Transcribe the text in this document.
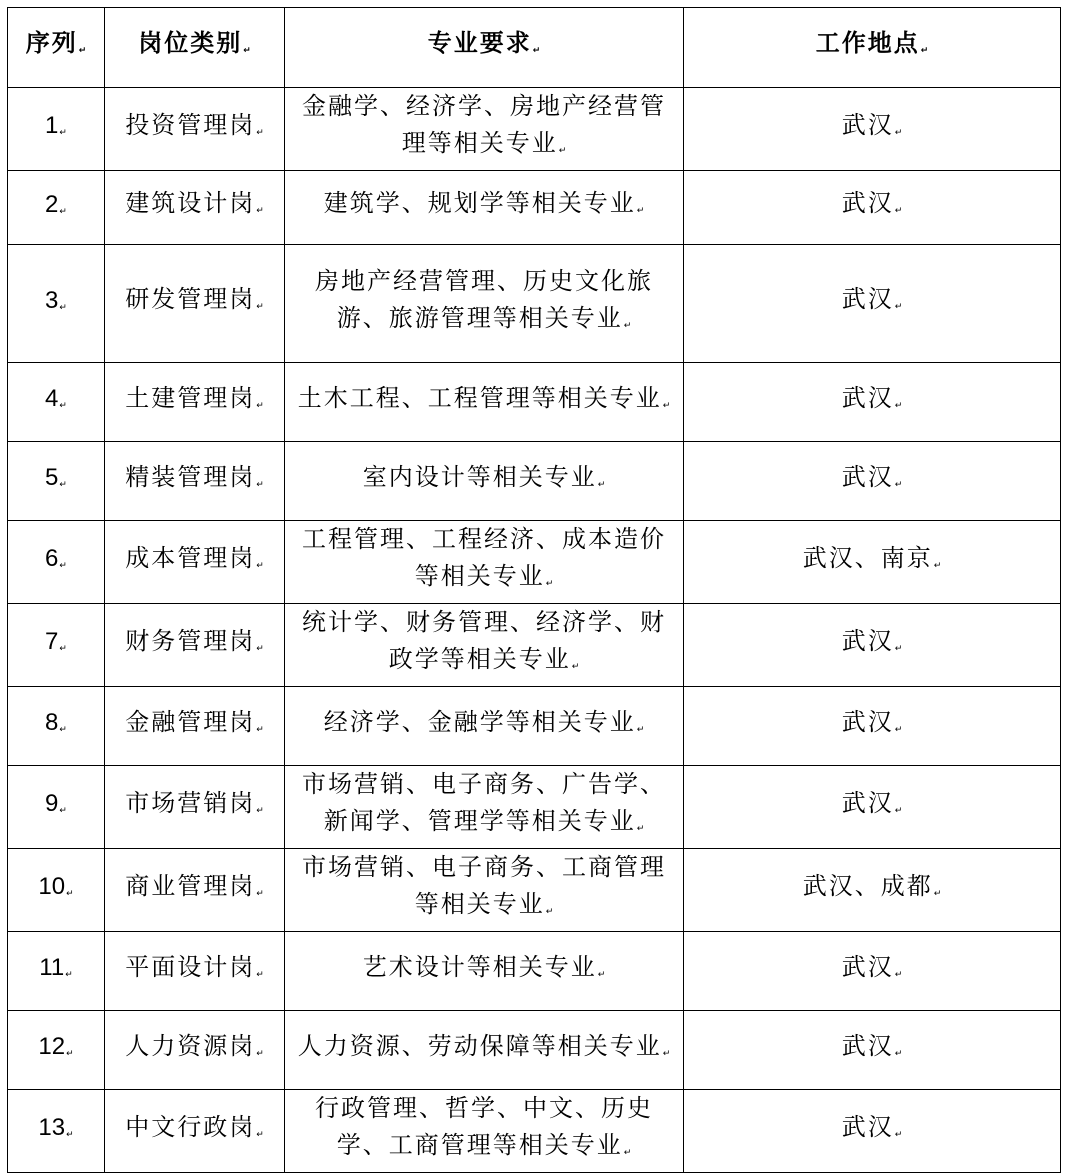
序列↵	岗位类别↵	专业要求↵	工作地点↵
1↵	投资管理岗↵	金融学、经济学、房地产经营管理等相关专业↵	武汉↵
2↵	建筑设计岗↵	建筑学、规划学等相关专业↵	武汉↵
3↵	研发管理岗↵	房地产经营管理、历史文化旅游、旅游管理等相关专业↵	武汉↵
4↵	土建管理岗↵	土木工程、工程管理等相关专业↵	武汉↵
5↵	精装管理岗↵	室内设计等相关专业↵	武汉↵
6↵	成本管理岗↵	工程管理、工程经济、成本造价等相关专业↵	武汉、南京↵
7↵	财务管理岗↵	统计学、财务管理、经济学、财政学等相关专业↵	武汉↵
8↵	金融管理岗↵	经济学、金融学等相关专业↵	武汉↵
9↵	市场营销岗↵	市场营销、电子商务、广告学、新闻学、管理学等相关专业↵	武汉↵
10↵	商业管理岗↵	市场营销、电子商务、工商管理等相关专业↵	武汉、成都↵
11↵	平面设计岗↵	艺术设计等相关专业↵	武汉↵
12↵	人力资源岗↵	人力资源、劳动保障等相关专业↵	武汉↵
13↵	中文行政岗↵	行政管理、哲学、中文、历史学、工商管理等相关专业↵	武汉↵
